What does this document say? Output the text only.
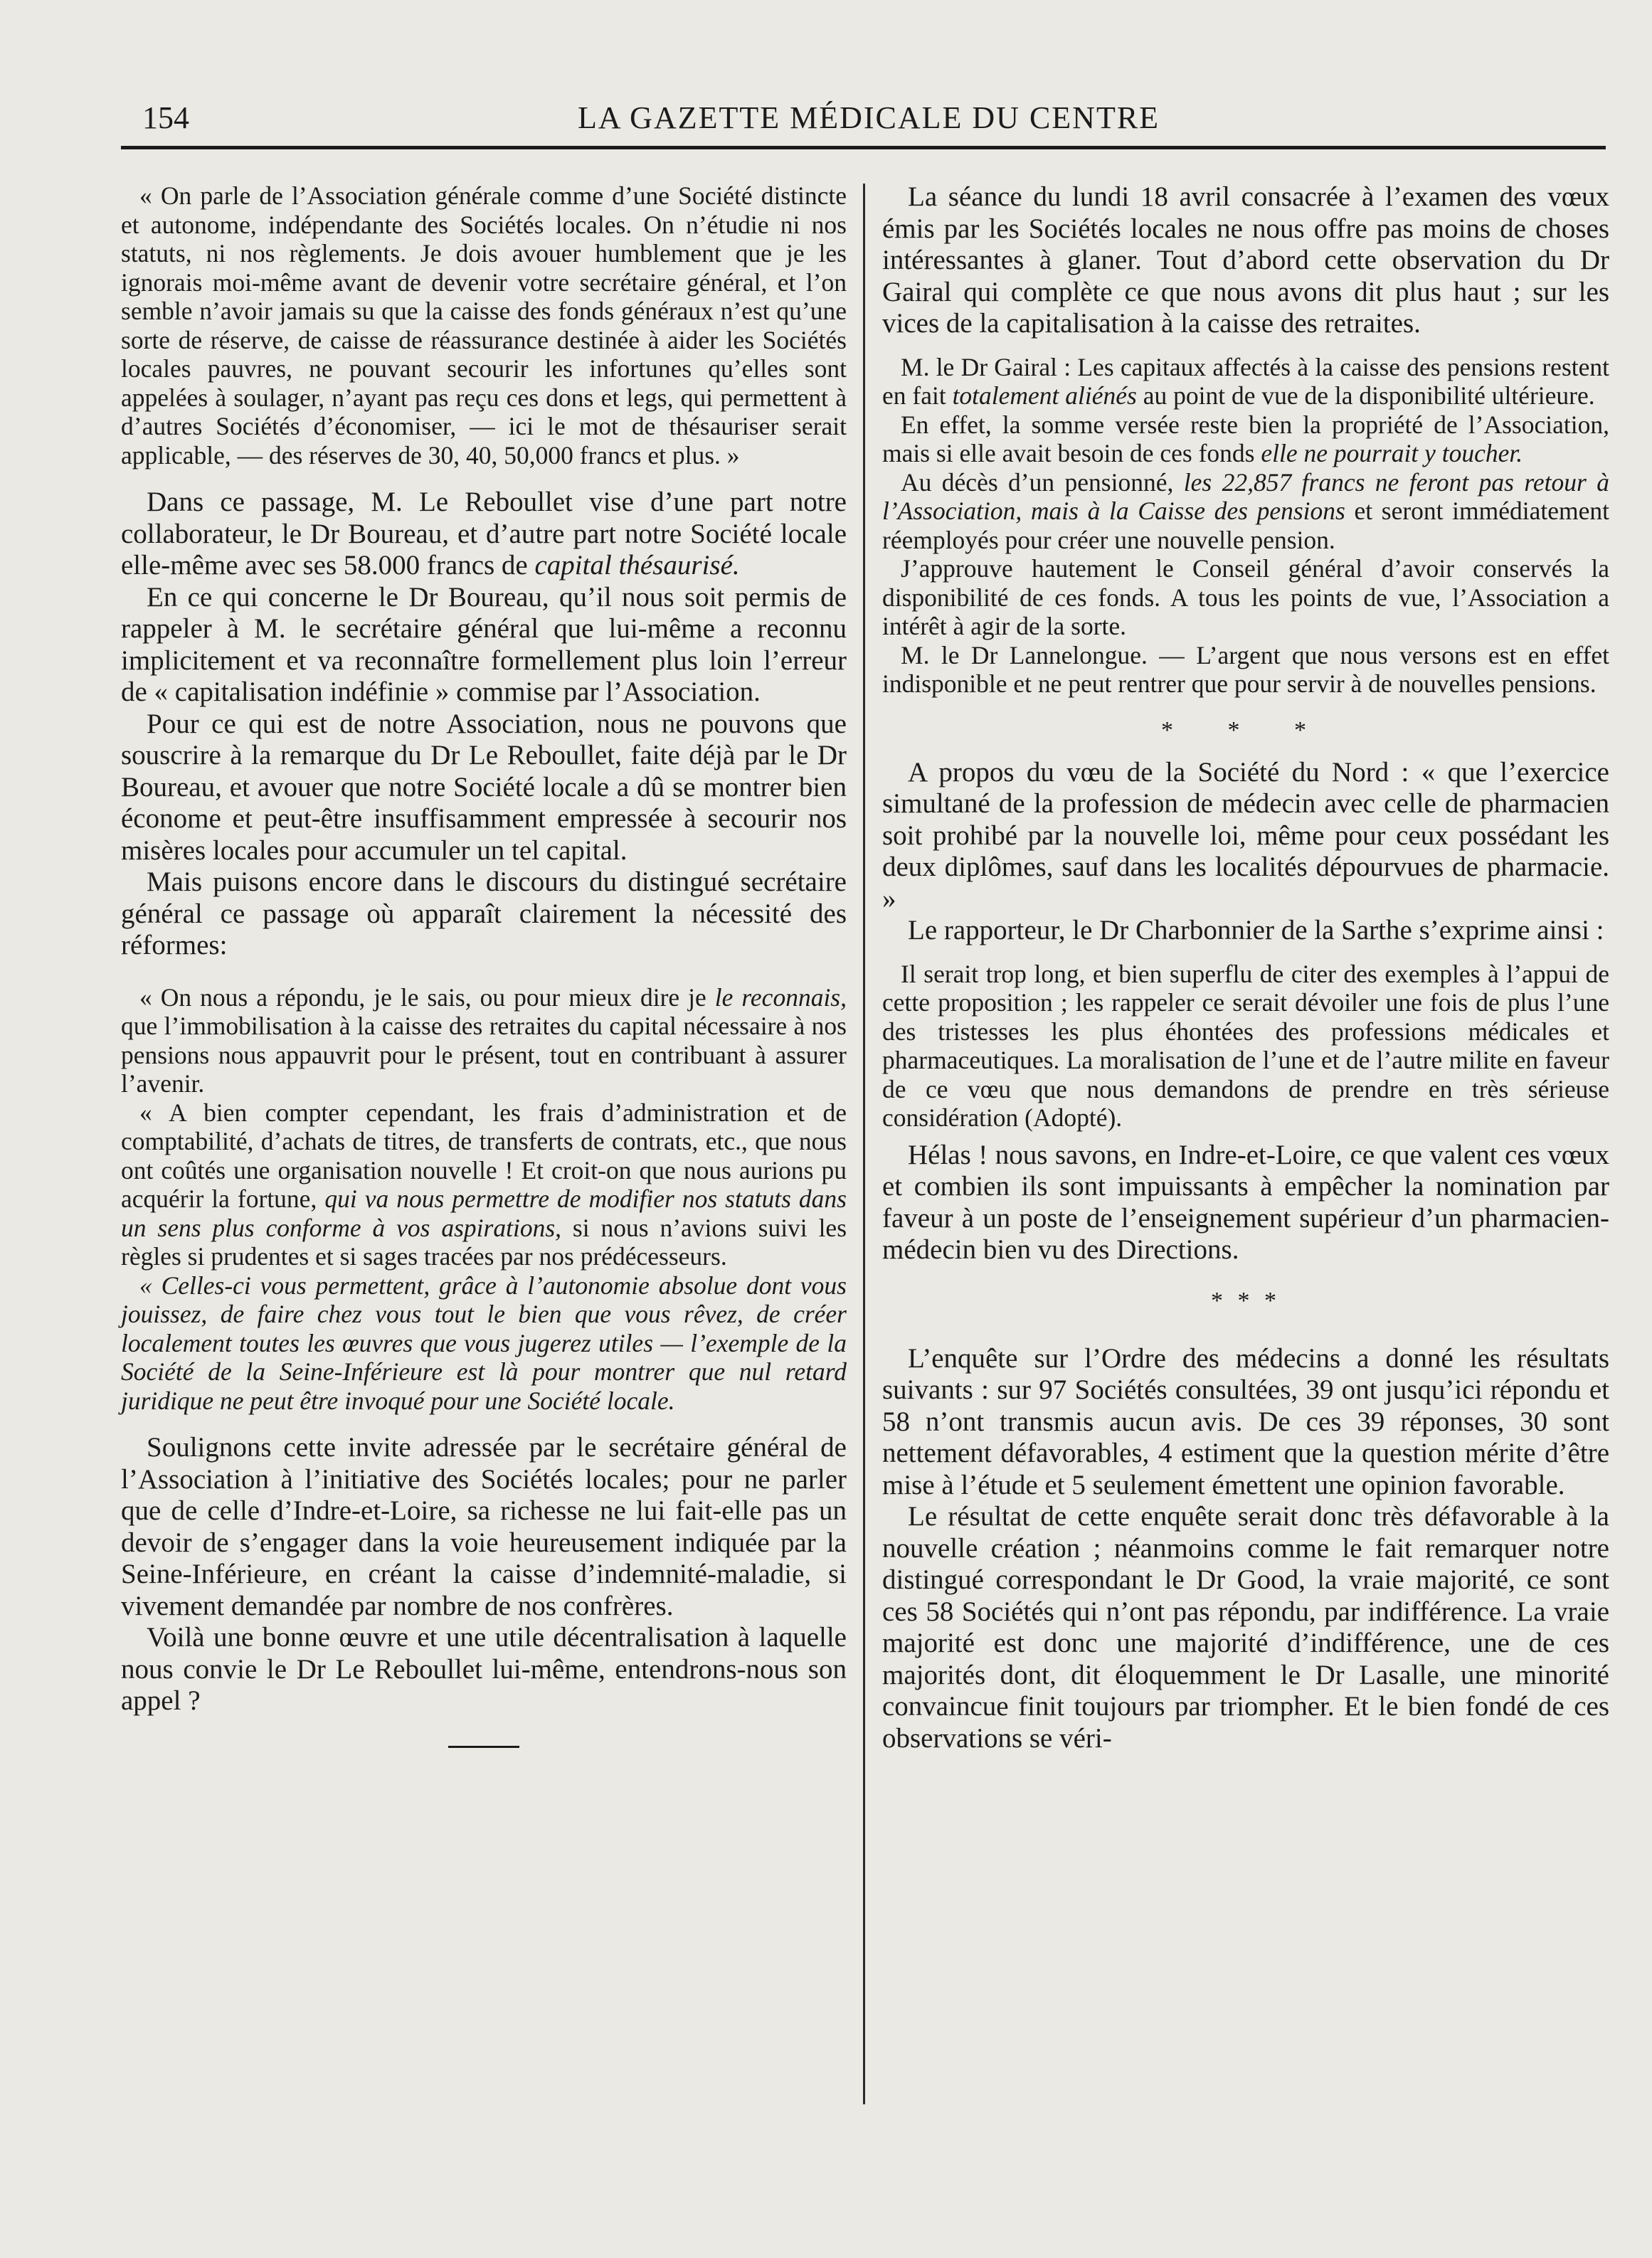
154	LA GAZETTE MÉDICALE DU CENTRE

« On parle de l’Association générale comme d’une Société distincte et autonome, indépendante des Sociétés locales. On n’étudie ni nos statuts, ni nos règlements. Je dois avouer humblement que je les ignorais moi-même avant de devenir votre secrétaire général, et l’on semble n’avoir jamais su que la caisse des fonds généraux n’est qu’une sorte de réserve, de caisse de réassurance destinée à aider les Sociétés locales pauvres, ne pouvant secourir les infortunes qu’elles sont appelées à soulager, n’ayant pas reçu ces dons et legs, qui permettent à d’autres Sociétés d’économiser, — ici le mot de thésauriser serait applicable, — des réserves de 30, 40, 50,000 francs et plus. »

Dans ce passage, M. Le Reboullet vise d’une part notre collaborateur, le Dr Boureau, et d’autre part notre Société locale elle-même avec ses 58.000 francs de capital thésaurisé.

En ce qui concerne le Dr Boureau, qu’il nous soit permis de rappeler à M. le secrétaire général que lui-même a reconnu implicitement et va reconnaître formellement plus loin l’erreur de « capitalisation indéfinie » commise par l’Association.

Pour ce qui est de notre Association, nous ne pouvons que souscrire à la remarque du Dr Le Reboullet, faite déjà par le Dr Boureau, et avouer que notre Société locale a dû se montrer bien économe et peut-être insuffisamment empressée à secourir nos misères locales pour accumuler un tel capital.

Mais puisons encore dans le discours du distingué secrétaire général ce passage où apparaît clairement la nécessité des réformes:

« On nous a répondu, je le sais, ou pour mieux dire je le reconnais, que l’immobilisation à la caisse des retraites du capital nécessaire à nos pensions nous appauvrit pour le présent, tout en contribuant à assurer l’avenir.

« A bien compter cependant, les frais d’administration et de comptabilité, d’achats de titres, de transferts de contrats, etc., que nous ont coûtés une organisation nouvelle ! Et croit-on que nous aurions pu acquérir la fortune, qui va nous permettre de modifier nos statuts dans un sens plus conforme à vos aspirations, si nous n’avions suivi les règles si prudentes et si sages tracées par nos prédécesseurs.

« Celles-ci vous permettent, grâce à l’autonomie absolue dont vous jouissez, de faire chez vous tout le bien que vous rêvez, de créer localement toutes les œuvres que vous jugerez utiles — l’exemple de la Société de la Seine-Inférieure est là pour montrer que nul retard juridique ne peut être invoqué pour une Société locale.

Soulignons cette invite adressée par le secrétaire général de l’Association à l’initiative des Sociétés locales; pour ne parler que de celle d’Indre-et-Loire, sa richesse ne lui fait-elle pas un devoir de s’engager dans la voie heureusement indiquée par la Seine-Inférieure, en créant la caisse d’indemnité-maladie, si vivement demandée par nombre de nos confrères.

Voilà une bonne œuvre et une utile décentralisation à laquelle nous convie le Dr Le Reboullet lui-même, entendrons-nous son appel ?

La séance du lundi 18 avril consacrée à l’examen des vœux émis par les Sociétés locales ne nous offre pas moins de choses intéressantes à glaner. Tout d’abord cette observation du Dr Gairal qui complète ce que nous avons dit plus haut ; sur les vices de la capitalisation à la caisse des retraites.

M. le Dr Gairal : Les capitaux affectés à la caisse des pensions restent en fait totalement aliénés au point de vue de la disponibilité ultérieure.

En effet, la somme versée reste bien la propriété de l’Association, mais si elle avait besoin de ces fonds elle ne pourrait y toucher.

Au décès d’un pensionné, les 22,857 francs ne feront pas retour à l’Association, mais à la Caisse des pensions et seront immédiatement réemployés pour créer une nouvelle pension.

J’approuve hautement le Conseil général d’avoir conservés la disponibilité de ces fonds. A tous les points de vue, l’Association a intérêt à agir de la sorte.

M. le Dr Lannelongue. — L’argent que nous versons est en effet indisponible et ne peut rentrer que pour servir à de nouvelles pensions.

* * *

A propos du vœu de la Société du Nord : « que l’exercice simultané de la profession de médecin avec celle de pharmacien soit prohibé par la nouvelle loi, même pour ceux possédant les deux diplômes, sauf dans les localités dépourvues de pharmacie. »

Le rapporteur, le Dr Charbonnier de la Sarthe s’exprime ainsi :

Il serait trop long, et bien superflu de citer des exemples à l’appui de cette proposition ; les rappeler ce serait dévoiler une fois de plus l’une des tristesses les plus éhontées des professions médicales et pharmaceutiques. La moralisation de l’une et de l’autre milite en faveur de ce vœu que nous demandons de prendre en très sérieuse considération (Adopté).

Hélas ! nous savons, en Indre-et-Loire, ce que valent ces vœux et combien ils sont impuissants à empêcher la nomination par faveur à un poste de l’enseignement supérieur d’un pharmacien-médecin bien vu des Directions.

* * *

L’enquête sur l’Ordre des médecins a donné les résultats suivants : sur 97 Sociétés consultées, 39 ont jusqu’ici répondu et 58 n’ont transmis aucun avis. De ces 39 réponses, 30 sont nettement défavorables, 4 estiment que la question mérite d’être mise à l’étude et 5 seulement émettent une opinion favorable.

Le résultat de cette enquête serait donc très défavorable à la nouvelle création ; néanmoins comme le fait remarquer notre distingué correspondant le Dr Good, la vraie majorité, ce sont ces 58 Sociétés qui n’ont pas répondu, par indifférence. La vraie majorité est donc une majorité d’indifférence, une de ces majorités dont, dit éloquemment le Dr Lasalle, une minorité convaincue finit toujours par triompher. Et le bien fondé de ces observations se véri-
